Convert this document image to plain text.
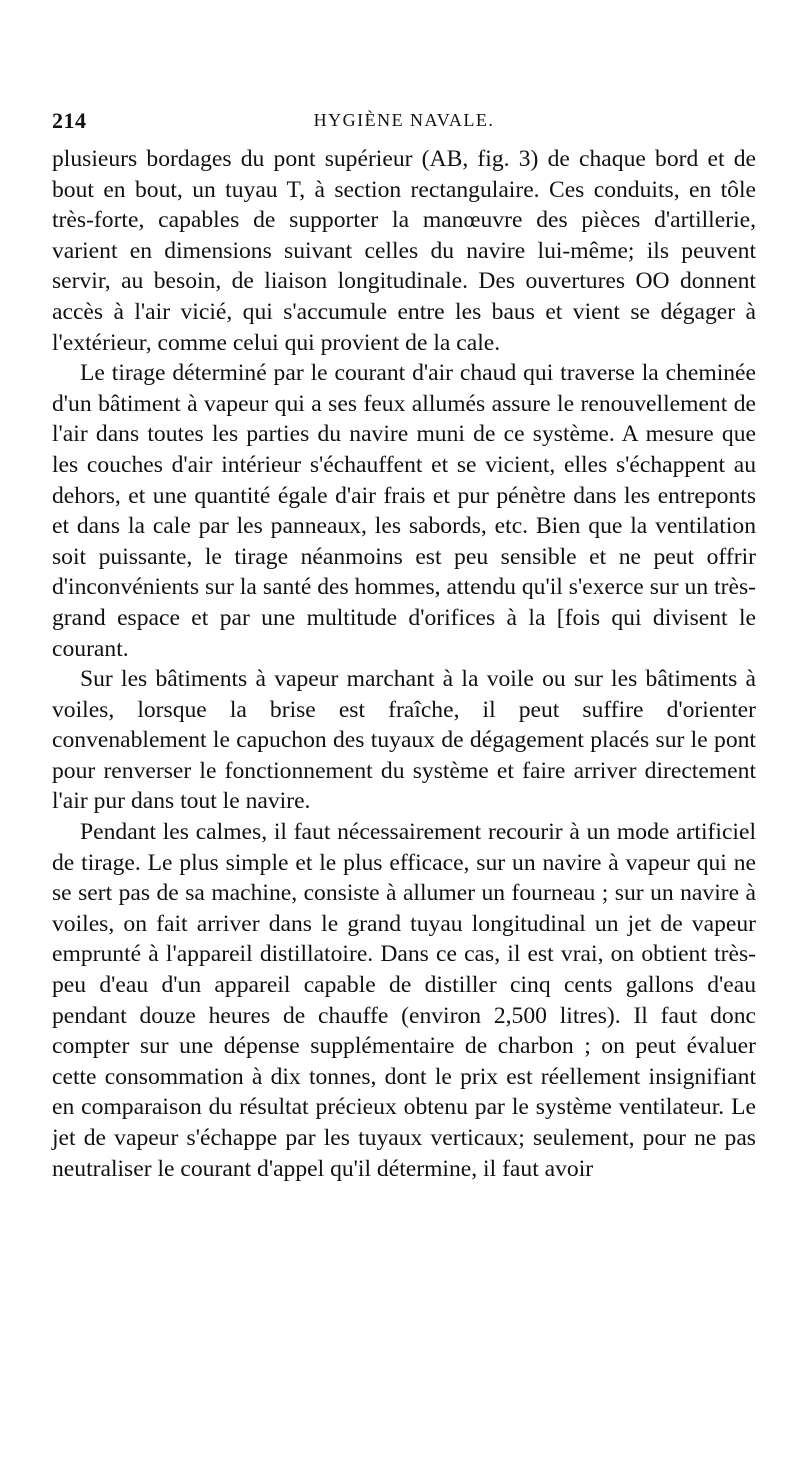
214	HYGIÈNE NAVALE.

plusieurs bordages du pont supérieur (AB, fig. 3) de chaque bord et de bout en bout, un tuyau T, à section rectangulaire. Ces conduits, en tôle très-forte, capables de supporter la manœuvre des pièces d'artillerie, varient en dimensions suivant celles du navire lui-même; ils peuvent servir, au besoin, de liaison longitudinale. Des ouvertures OO donnent accès à l'air vicié, qui s'accumule entre les baus et vient se dégager à l'extérieur, comme celui qui provient de la cale.

Le tirage déterminé par le courant d'air chaud qui traverse la cheminée d'un bâtiment à vapeur qui a ses feux allumés assure le renouvellement de l'air dans toutes les parties du navire muni de ce système. A mesure que les couches d'air intérieur s'échauffent et se vicient, elles s'échappent au dehors, et une quantité égale d'air frais et pur pénètre dans les entreponts et dans la cale par les panneaux, les sabords, etc. Bien que la ventilation soit puissante, le tirage néanmoins est peu sensible et ne peut offrir d'inconvénients sur la santé des hommes, attendu qu'il s'exerce sur un très-grand espace et par une multitude d'orifices à la [fois qui divisent le courant.

Sur les bâtiments à vapeur marchant à la voile ou sur les bâtiments à voiles, lorsque la brise est fraîche, il peut suffire d'orienter convenablement le capuchon des tuyaux de dégagement placés sur le pont pour renverser le fonctionnement du système et faire arriver directement l'air pur dans tout le navire.

Pendant les calmes, il faut nécessairement recourir à un mode artificiel de tirage. Le plus simple et le plus efficace, sur un navire à vapeur qui ne se sert pas de sa machine, consiste à allumer un fourneau ; sur un navire à voiles, on fait arriver dans le grand tuyau longitudinal un jet de vapeur emprunté à l'appareil distillatoire. Dans ce cas, il est vrai, on obtient très-peu d'eau d'un appareil capable de distiller cinq cents gallons d'eau pendant douze heures de chauffe (environ 2,500 litres). Il faut donc compter sur une dépense supplémentaire de charbon ; on peut évaluer cette consommation à dix tonnes, dont le prix est réellement insignifiant en comparaison du résultat précieux obtenu par le système ventilateur. Le jet de vapeur s'échappe par les tuyaux verticaux; seulement, pour ne pas neutraliser le courant d'appel qu'il détermine, il faut avoir
